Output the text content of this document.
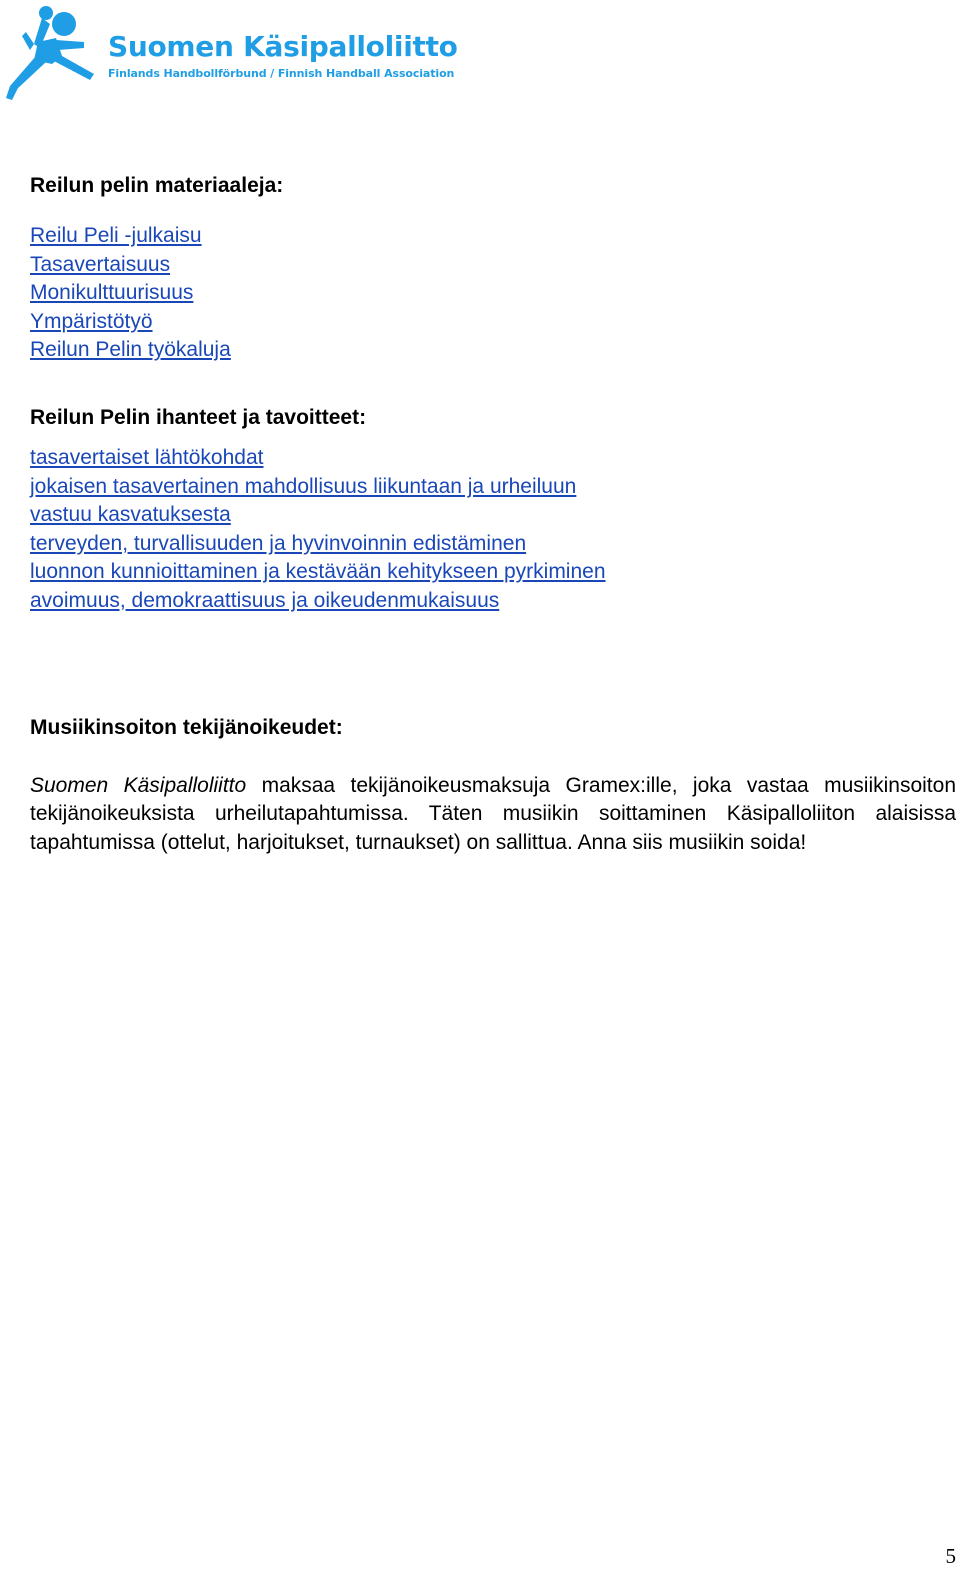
Suomen Käsipalloliitto
Finlands Handbollförbund / Finnish Handball Association
Reilun pelin materiaaleja:
Reilu Peli -julkaisu
Tasavertaisuus
Monikulttuurisuus
Ympäristötyö
Reilun Pelin työkaluja
Reilun Pelin ihanteet ja tavoitteet:
tasavertaiset lähtökohdat
jokaisen tasavertainen mahdollisuus liikuntaan ja urheiluun
vastuu kasvatuksesta
terveyden, turvallisuuden ja hyvinvoinnin edistäminen
luonnon kunnioittaminen ja kestävään kehitykseen pyrkiminen
avoimuus, demokraattisuus ja oikeudenmukaisuus
Musiikinsoiton tekijänoikeudet:

Suomen Käsipalloliitto maksaa tekijänoikeusmaksuja Gramex:ille, joka vastaa musiikinsoiton tekijänoikeuksista urheilutapahtumissa. Täten musiikin soittaminen Käsipalloliiton alaisissa tapahtumissa (ottelut, harjoitukset, turnaukset) on sallittua. Anna siis musiikin soida!

5
